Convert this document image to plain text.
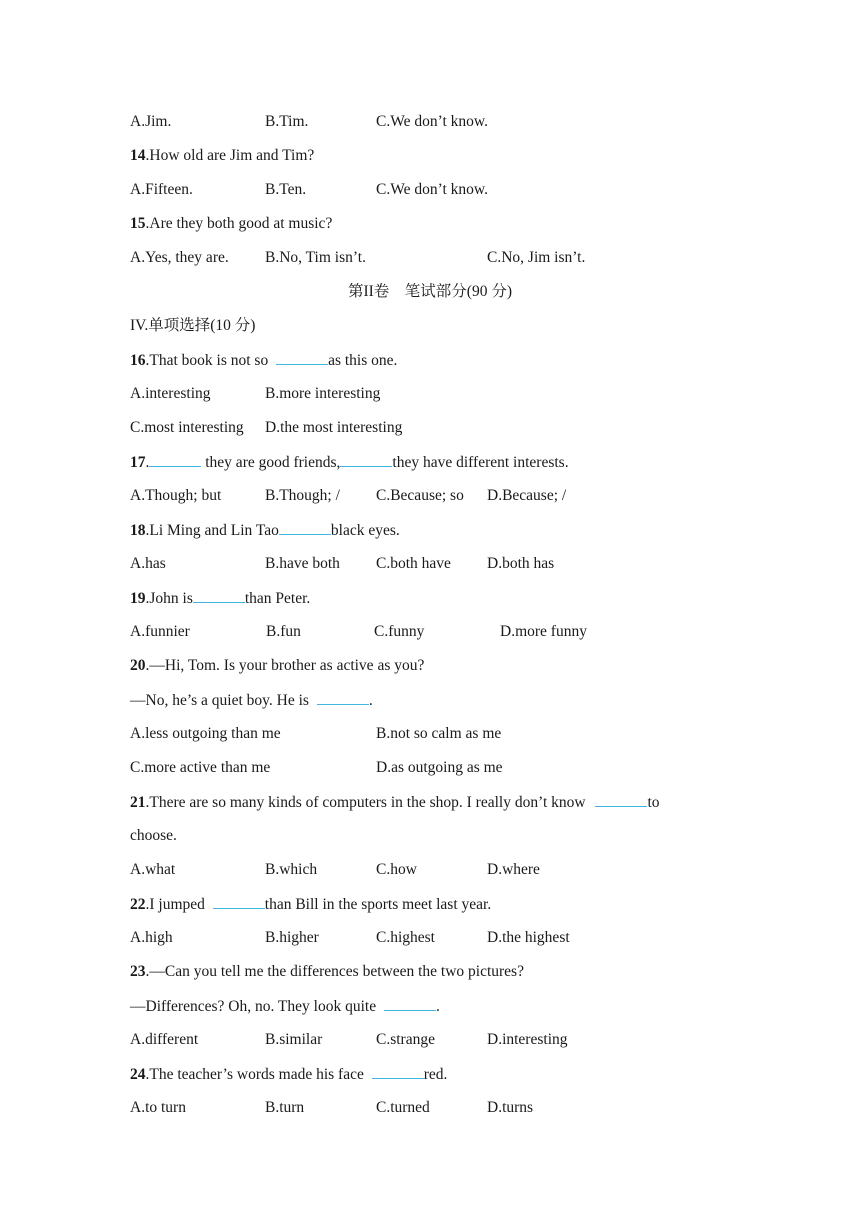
A.Jim.	B.Tim.	C.We don’t know.
14.How old are Jim and Tim?
A.Fifteen.	B.Ten.	C.We don’t know.
15.Are they both good at music?
A.Yes, they are. B.No, Tim isn’t.	C.No, Jim isn’t.
第II卷　笔试部分(90 分)
IV.单项选择(10 分)
16.That book is not so	as this one.
A.interesting	B.more interesting
C.most interesting D.the most interesting
17.	they are good friends,	they have different interests.
A.Though; but	B.Though; / C.Because; so D.Because; /
18.Li Ming and Lin Tao	black eyes.
A.has	B.have both C.both have D.both has
19.John is	than Peter.
A.funnier	B.fun	C.funny	D.more funny
20.—Hi, Tom. Is your brother as active as you?
—No, he’s a quiet boy. He is	.
A.less outgoing than me	B.not so calm as me
C.more active than me	D.as outgoing as me
21.There are so many kinds of computers in the shop. I really don’t know	to
choose.
A.what	B.which	C.how	D.where
22.I jumped	than Bill in the sports meet last year.
A.high	B.higher	C.highest	D.the highest
23.—Can you tell me the differences between the two pictures?
—Differences? Oh, no. They look quite	.
A.different	B.similar	C.strange	D.interesting
24.The teacher’s words made his face	red.
A.to turn	B.turn	C.turned	D.turns
